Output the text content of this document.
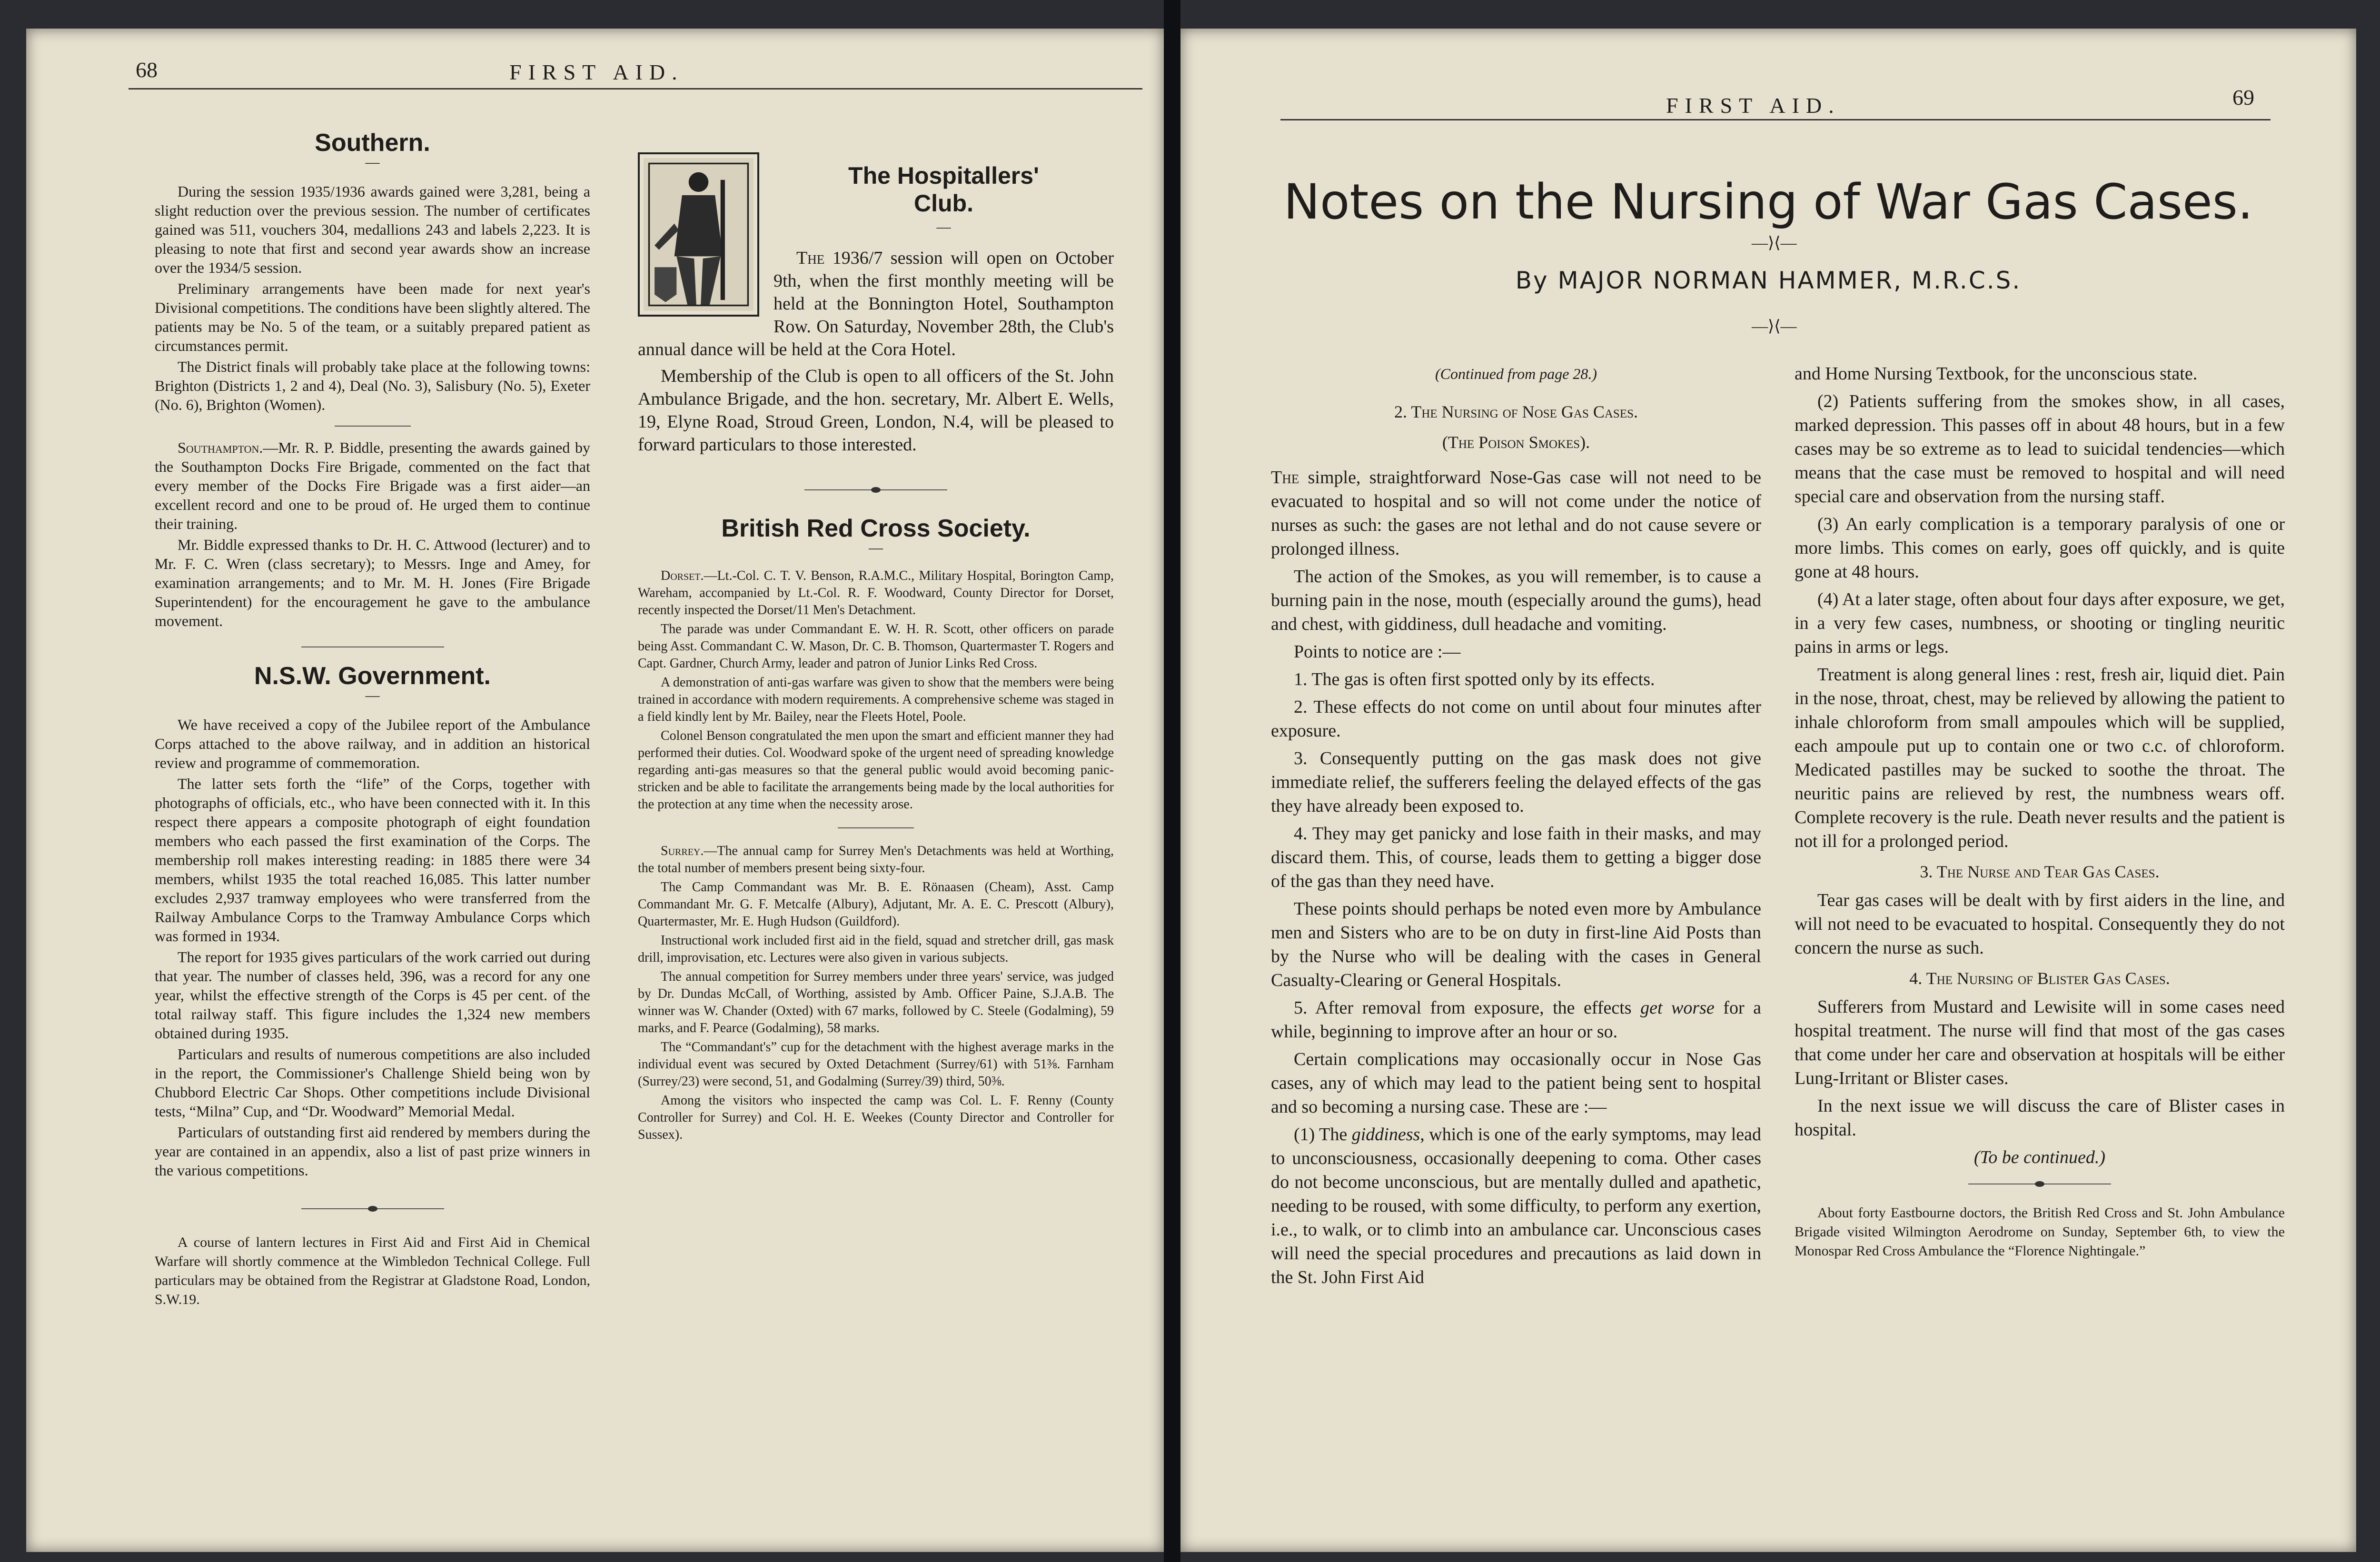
68	FIRST AID.
Southern.
—

During the session 1935/1936 awards gained were 3,281, being a slight reduction over the previous session. The number of certificates gained was 511, vouchers 304, medallions 243 and labels 2,223. It is pleasing to note that first and second year awards show an increase over the 1934/5 session.

Preliminary arrangements have been made for next year's Divisional competitions. The conditions have been slightly altered. The patients may be No. 5 of the team, or a suitably prepared patient as circumstances permit.

The District finals will probably take place at the following towns: Brighton (Districts 1, 2 and 4), Deal (No. 3), Salisbury (No. 5), Exeter (No. 6), Brighton (Women).

Southampton.—Mr. R. P. Biddle, presenting the awards gained by the Southampton Docks Fire Brigade, commented on the fact that every member of the Docks Fire Brigade was a first aider—an excellent record and one to be proud of. He urged them to continue their training.

Mr. Biddle expressed thanks to Dr. H. C. Attwood (lecturer) and to Mr. F. C. Wren (class secretary); to Messrs. Inge and Amey, for examination arrangements; and to Mr. M. H. Jones (Fire Brigade Superintendent) for the encouragement he gave to the ambulance movement.

N.S.W. Government.
—

We have received a copy of the Jubilee report of the Ambulance Corps attached to the above railway, and in addition an historical review and programme of commemoration.

The latter sets forth the “life” of the Corps, together with photographs of officials, etc., who have been connected with it. In this respect there appears a composite photograph of eight foundation members who each passed the first examination of the Corps. The membership roll makes interesting reading: in 1885 there were 34 members, whilst 1935 the total reached 16,085. This latter number excludes 2,937 tramway employees who were transferred from the Railway Ambulance Corps to the Tramway Ambulance Corps which was formed in 1934.

The report for 1935 gives particulars of the work carried out during that year. The number of classes held, 396, was a record for any one year, whilst the effective strength of the Corps is 45 per cent. of the total railway staff. This figure includes the 1,324 new members obtained during 1935.

Particulars and results of numerous competitions are also included in the report, the Commissioner's Challenge Shield being won by Chubbord Electric Car Shops. Other competitions include Divisional tests, “Milna” Cup, and “Dr. Woodward” Memorial Medal.

Particulars of outstanding first aid rendered by members during the year are contained in an appendix, also a list of past prize winners in the various competitions.

A course of lantern lectures in First Aid and First Aid in Chemical Warfare will shortly commence at the Wimbledon Technical College. Full particulars may be obtained from the Registrar at Gladstone Road, London, S.W.19.

The Hospitallers'
Club.
—

The 1936/7 session will open on October 9th, when the first monthly meeting will be held at the Bonnington Hotel, Southampton Row. On Saturday, November 28th, the Club's annual dance will be held at the Cora Hotel.

Membership of the Club is open to all officers of the St. John Ambulance Brigade, and the hon. secretary, Mr. Albert E. Wells, 19, Elyne Road, Stroud Green, London, N.4, will be pleased to forward particulars to those interested.

British Red Cross Society.
—

Dorset.—Lt.-Col. C. T. V. Benson, R.A.M.C., Military Hospital, Borington Camp, Wareham, accompanied by Lt.-Col. R. F. Woodward, County Director for Dorset, recently inspected the Dorset/11 Men's Detachment.

The parade was under Commandant E. W. H. R. Scott, other officers on parade being Asst. Commandant C. W. Mason, Dr. C. B. Thomson, Quartermaster T. Rogers and Capt. Gardner, Church Army, leader and patron of Junior Links Red Cross.

A demonstration of anti-gas warfare was given to show that the members were being trained in accordance with modern requirements. A comprehensive scheme was staged in a field kindly lent by Mr. Bailey, near the Fleets Hotel, Poole.

Colonel Benson congratulated the men upon the smart and efficient manner they had performed their duties. Col. Woodward spoke of the urgent need of spreading knowledge regarding anti-gas measures so that the general public would avoid becoming panic-stricken and be able to facilitate the arrangements being made by the local authorities for the protection at any time when the necessity arose.

Surrey.—The annual camp for Surrey Men's Detachments was held at Worthing, the total number of members present being sixty-four.

The Camp Commandant was Mr. B. E. Rönaasen (Cheam), Asst. Camp Commandant Mr. G. F. Metcalfe (Albury), Adjutant, Mr. A. E. C. Prescott (Albury), Quartermaster, Mr. E. Hugh Hudson (Guildford).

Instructional work included first aid in the field, squad and stretcher drill, gas mask drill, improvisation, etc. Lectures were also given in various subjects.

The annual competition for Surrey members under three years' service, was judged by Dr. Dundas McCall, of Worthing, assisted by Amb. Officer Paine, S.J.A.B. The winner was W. Chander (Oxted) with 67 marks, followed by C. Steele (Godalming), 59 marks, and F. Pearce (Godalming), 58 marks.

The “Commandant's” cup for the detachment with the highest average marks in the individual event was secured by Oxted Detachment (Surrey/61) with 51⅜. Farnham (Surrey/23) were second, 51, and Godalming (Surrey/39) third, 50⅜.

Among the visitors who inspected the camp was Col. L. F. Renny (County Controller for Surrey) and Col. H. E. Weekes (County Director and Controller for Sussex).

FIRST AID.	69
Notes on the Nursing of War Gas Cases.
—⟩⟨—
By MAJOR NORMAN HAMMER, M.R.C.S.
—⟩⟨—
(Continued from page 28.)
2. The Nursing of Nose Gas Cases.
(The Poison Smokes).

The simple, straightforward Nose-Gas case will not need to be evacuated to hospital and so will not come under the notice of nurses as such: the gases are not lethal and do not cause severe or prolonged illness.

The action of the Smokes, as you will remember, is to cause a burning pain in the nose, mouth (especially around the gums), head and chest, with giddiness, dull headache and vomiting.

Points to notice are :—

1. The gas is often first spotted only by its effects.

2. These effects do not come on until about four minutes after exposure.

3. Consequently putting on the gas mask does not give immediate relief, the sufferers feeling the delayed effects of the gas they have already been exposed to.

4. They may get panicky and lose faith in their masks, and may discard them. This, of course, leads them to getting a bigger dose of the gas than they need have.

These points should perhaps be noted even more by Ambulance men and Sisters who are to be on duty in first-line Aid Posts than by the Nurse who will be dealing with the cases in General Casualty-Clearing or General Hospitals.

5. After removal from exposure, the effects get worse for a while, beginning to improve after an hour or so.

Certain complications may occasionally occur in Nose Gas cases, any of which may lead to the patient being sent to hospital and so becoming a nursing case. These are :—

(1) The giddiness, which is one of the early symptoms, may lead to unconsciousness, occasionally deepening to coma. Other cases do not become unconscious, but are mentally dulled and apathetic, needing to be roused, with some difficulty, to perform any exertion, i.e., to walk, or to climb into an ambulance car. Unconscious cases will need the special procedures and precautions as laid down in the St. John First Aid

and Home Nursing Textbook, for the unconscious state.

(2) Patients suffering from the smokes show, in all cases, marked depression. This passes off in about 48 hours, but in a few cases may be so extreme as to lead to suicidal tendencies—which means that the case must be removed to hospital and will need special care and observation from the nursing staff.

(3) An early complication is a temporary paralysis of one or more limbs. This comes on early, goes off quickly, and is quite gone at 48 hours.

(4) At a later stage, often about four days after exposure, we get, in a very few cases, numbness, or shooting or tingling neuritic pains in arms or legs.

Treatment is along general lines : rest, fresh air, liquid diet. Pain in the nose, throat, chest, may be relieved by allowing the patient to inhale chloroform from small ampoules which will be supplied, each ampoule put up to contain one or two c.c. of chloroform. Medicated pastilles may be sucked to soothe the throat. The neuritic pains are relieved by rest, the numbness wears off. Complete recovery is the rule. Death never results and the patient is not ill for a prolonged period.

3. The Nurse and Tear Gas Cases.

Tear gas cases will be dealt with by first aiders in the line, and will not need to be evacuated to hospital. Consequently they do not concern the nurse as such.

4. The Nursing of Blister Gas Cases.

Sufferers from Mustard and Lewisite will in some cases need hospital treatment. The nurse will find that most of the gas cases that come under her care and observation at hospitals will be either Lung-Irritant or Blister cases.

In the next issue we will discuss the care of Blister cases in hospital.

(To be continued.)

About forty Eastbourne doctors, the British Red Cross and St. John Ambulance Brigade visited Wilmington Aerodrome on Sunday, September 6th, to view the Monospar Red Cross Ambulance the “Florence Nightingale.”
